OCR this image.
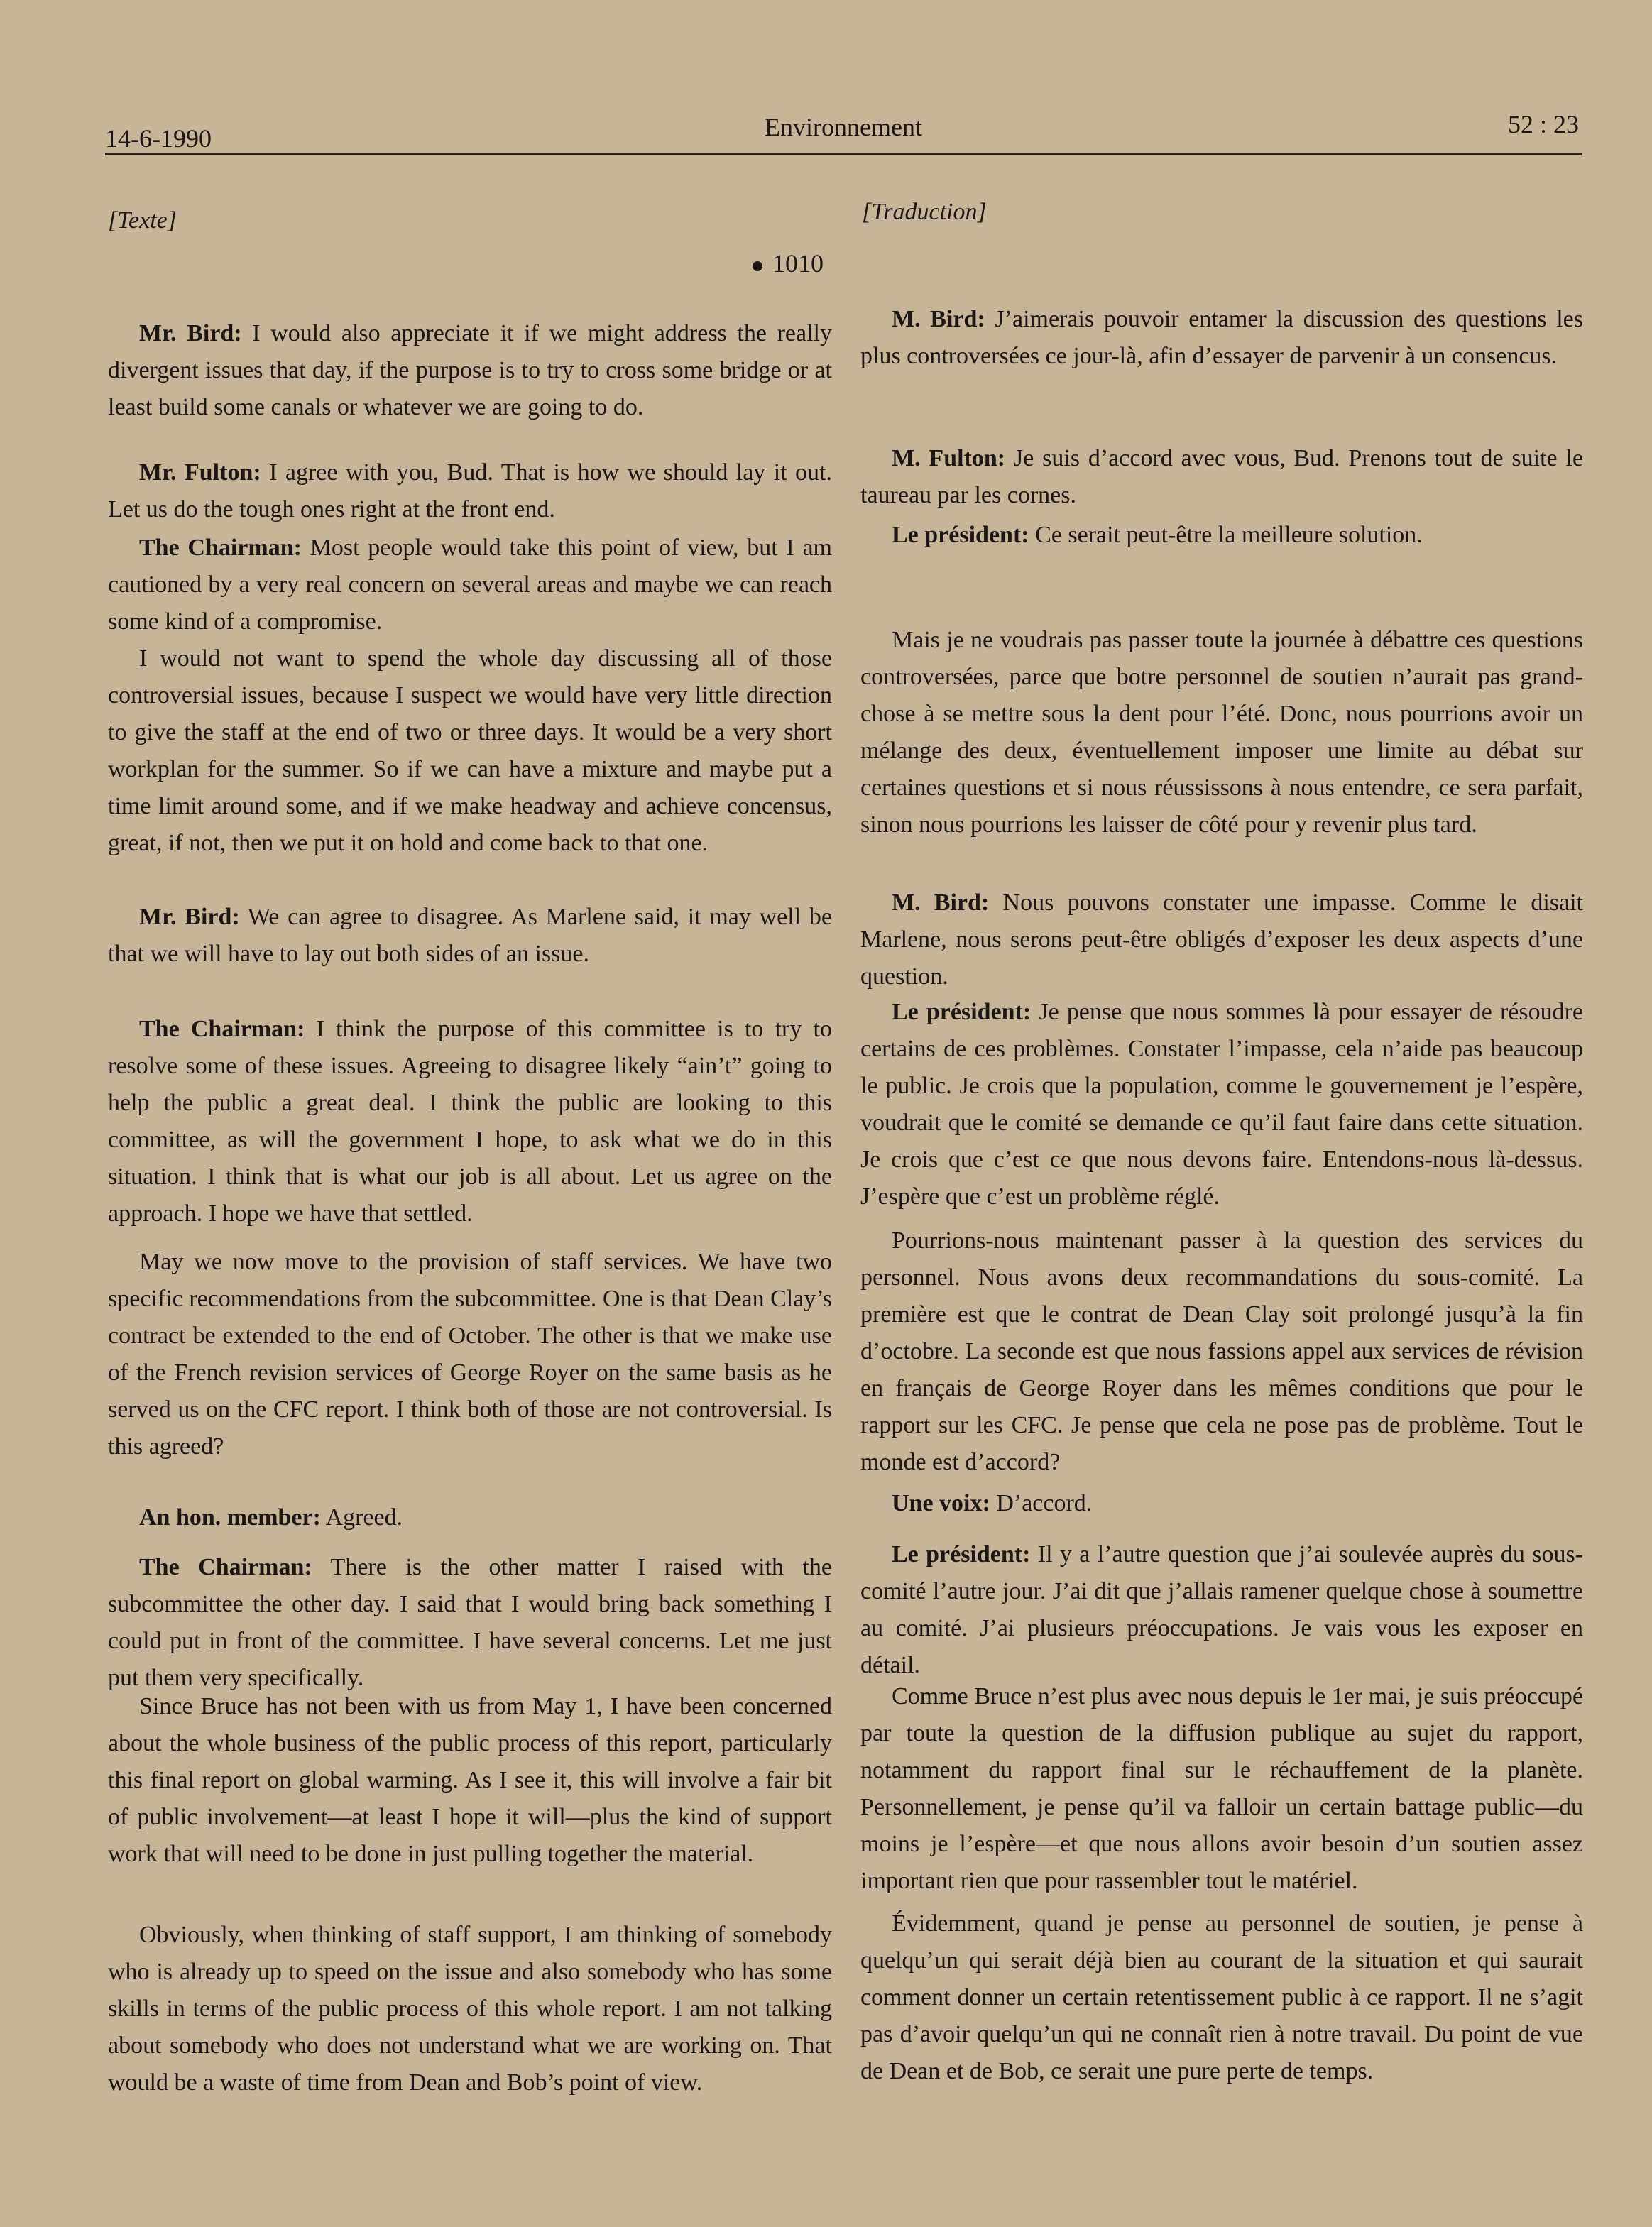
14-6-1990	Environnement	52 : 23
[Texte]	[Traduction]
1010

Mr. Bird: I would also appreciate it if we might address the really divergent issues that day, if the purpose is to try to cross some bridge or at least build some canals or whatever we are going to do.

Mr. Fulton: I agree with you, Bud. That is how we should lay it out. Let us do the tough ones right at the front end.

The Chairman: Most people would take this point of view, but I am cautioned by a very real concern on several areas and maybe we can reach some kind of a compromise.

I would not want to spend the whole day discussing all of those controversial issues, because I suspect we would have very little direction to give the staff at the end of two or three days. It would be a very short workplan for the summer. So if we can have a mixture and maybe put a time limit around some, and if we make headway and achieve concensus, great, if not, then we put it on hold and come back to that one.

Mr. Bird: We can agree to disagree. As Marlene said, it may well be that we will have to lay out both sides of an issue.

The Chairman: I think the purpose of this committee is to try to resolve some of these issues. Agreeing to disagree likely “ain’t” going to help the public a great deal. I think the public are looking to this committee, as will the government I hope, to ask what we do in this situation. I think that is what our job is all about. Let us agree on the approach. I hope we have that settled.

May we now move to the provision of staff services. We have two specific recommendations from the subcommittee. One is that Dean Clay’s contract be extended to the end of October. The other is that we make use of the French revision services of George Royer on the same basis as he served us on the CFC report. I think both of those are not controversial. Is this agreed?

An hon. member: Agreed.

The Chairman: There is the other matter I raised with the subcommittee the other day. I said that I would bring back something I could put in front of the committee. I have several concerns. Let me just put them very specifically.

Since Bruce has not been with us from May 1, I have been concerned about the whole business of the public process of this report, particularly this final report on global warming. As I see it, this will involve a fair bit of public involvement—at least I hope it will—plus the kind of support work that will need to be done in just pulling together the material.

Obviously, when thinking of staff support, I am thinking of somebody who is already up to speed on the issue and also somebody who has some skills in terms of the public process of this whole report. I am not talking about somebody who does not understand what we are working on. That would be a waste of time from Dean and Bob’s point of view.

M. Bird: J’aimerais pouvoir entamer la discussion des questions les plus controversées ce jour-là, afin d’essayer de parvenir à un consencus.

M. Fulton: Je suis d’accord avec vous, Bud. Prenons tout de suite le taureau par les cornes.

Le président: Ce serait peut-être la meilleure solution.

Mais je ne voudrais pas passer toute la journée à débattre ces questions controversées, parce que botre personnel de soutien n’aurait pas grand-chose à se mettre sous la dent pour l’été. Donc, nous pourrions avoir un mélange des deux, éventuellement imposer une limite au débat sur certaines questions et si nous réussissons à nous entendre, ce sera parfait, sinon nous pourrions les laisser de côté pour y revenir plus tard.

M. Bird: Nous pouvons constater une impasse. Comme le disait Marlene, nous serons peut-être obligés d’exposer les deux aspects d’une question.

Le président: Je pense que nous sommes là pour essayer de résoudre certains de ces problèmes. Constater l’impasse, cela n’aide pas beaucoup le public. Je crois que la population, comme le gouvernement je l’espère, voudrait que le comité se demande ce qu’il faut faire dans cette situation. Je crois que c’est ce que nous devons faire. Entendons-nous là-dessus. J’espère que c’est un problème réglé.

Pourrions-nous maintenant passer à la question des services du personnel. Nous avons deux recommandations du sous-comité. La première est que le contrat de Dean Clay soit prolongé jusqu’à la fin d’octobre. La seconde est que nous fassions appel aux services de révision en français de George Royer dans les mêmes conditions que pour le rapport sur les CFC. Je pense que cela ne pose pas de problème. Tout le monde est d’accord?

Une voix: D’accord.

Le président: Il y a l’autre question que j’ai soulevée auprès du sous-comité l’autre jour. J’ai dit que j’allais ramener quelque chose à soumettre au comité. J’ai plusieurs préoccupations. Je vais vous les exposer en détail.

Comme Bruce n’est plus avec nous depuis le 1er mai, je suis préoccupé par toute la question de la diffusion publique au sujet du rapport, notamment du rapport final sur le réchauffement de la planète. Personnellement, je pense qu’il va falloir un certain battage public—du moins je l’espère—et que nous allons avoir besoin d’un soutien assez important rien que pour rassembler tout le matériel.

Évidemment, quand je pense au personnel de soutien, je pense à quelqu’un qui serait déjà bien au courant de la situation et qui saurait comment donner un certain retentissement public à ce rapport. Il ne s’agit pas d’avoir quelqu’un qui ne connaît rien à notre travail. Du point de vue de Dean et de Bob, ce serait une pure perte de temps.
